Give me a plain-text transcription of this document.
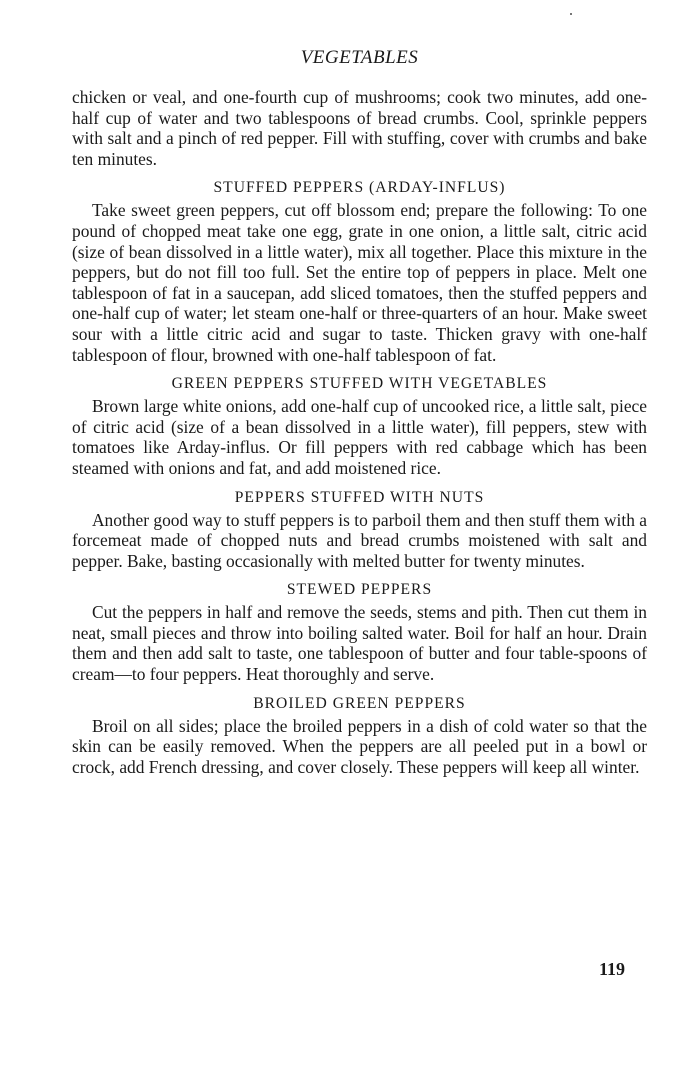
VEGETABLES

chicken or veal, and one-fourth cup of mushrooms; cook two minutes, add one-half cup of water and two tablespoons of bread crumbs. Cool, sprinkle peppers with salt and a pinch of red pepper. Fill with stuffing, cover with crumbs and bake ten minutes.

STUFFED PEPPERS (ARDAY-INFLUS)

Take sweet green peppers, cut off blossom end; prepare the following: To one pound of chopped meat take one egg, grate in one onion, a little salt, citric acid (size of bean dissolved in a little water), mix all together. Place this mixture in the peppers, but do not fill too full. Set the entire top of peppers in place. Melt one tablespoon of fat in a saucepan, add sliced tomatoes, then the stuffed peppers and one-half cup of water; let steam one-half or three-quarters of an hour. Make sweet sour with a little citric acid and sugar to taste. Thicken gravy with one-half tablespoon of flour, browned with one-half tablespoon of fat.

GREEN PEPPERS STUFFED WITH VEGETABLES

Brown large white onions, add one-half cup of uncooked rice, a little salt, piece of citric acid (size of a bean dissolved in a little water), fill peppers, stew with tomatoes like Arday-influs. Or fill peppers with red cabbage which has been steamed with onions and fat, and add moistened rice.

PEPPERS STUFFED WITH NUTS

Another good way to stuff peppers is to parboil them and then stuff them with a forcemeat made of chopped nuts and bread crumbs moistened with salt and pepper. Bake, basting occasionally with melted butter for twenty minutes.

STEWED PEPPERS

Cut the peppers in half and remove the seeds, stems and pith. Then cut them in neat, small pieces and throw into boiling salted water. Boil for half an hour. Drain them and then add salt to taste, one tablespoon of butter and four table-spoons of cream—to four peppers. Heat thoroughly and serve.

BROILED GREEN PEPPERS

Broil on all sides; place the broiled peppers in a dish of cold water so that the skin can be easily removed. When the peppers are all peeled put in a bowl or crock, add French dressing, and cover closely. These peppers will keep all winter.

119
